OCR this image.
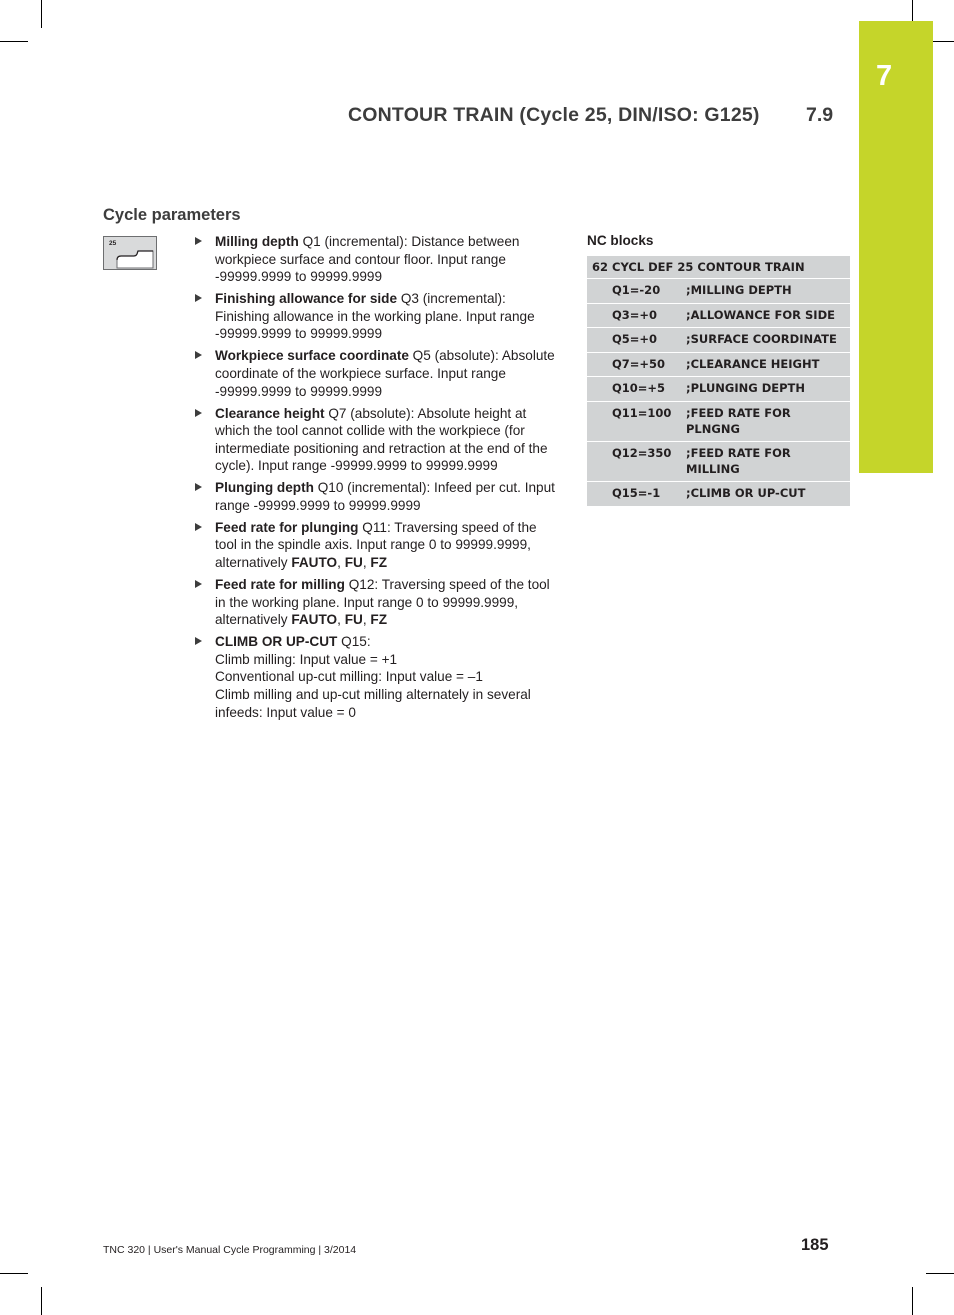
7
CONTOUR TRAIN (Cycle 25, DIN/ISO: G125) 7.9
Cycle parameters
25	Milling depth Q1 (incremental): Distance between workpiece surface and contour floor. Input range -99999.9999 to 99999.9999
Finishing allowance for side Q3 (incremental): Finishing allowance in the working plane. Input range -99999.9999 to 99999.9999
Workpiece surface coordinate Q5 (absolute): Absolute coordinate of the workpiece surface. Input range -99999.9999 to 99999.9999
Clearance height Q7 (absolute): Absolute height at which the tool cannot collide with the workpiece (for intermediate positioning and retraction at the end of the cycle). Input range -99999.9999 to 99999.9999
Plunging depth Q10 (incremental): Infeed per cut. Input range -99999.9999 to 99999.9999
Feed rate for plunging Q11: Traversing speed of the tool in the spindle axis. Input range 0 to 99999.9999, alternatively FAUTO, FU, FZ
Feed rate for milling Q12: Traversing speed of the tool in the working plane. Input range 0 to 99999.9999, alternatively FAUTO, FU, FZ
CLIMB OR UP-CUT Q15:
Climb milling: Input value = +1
Conventional up-cut milling: Input value = –1
Climb milling and up-cut milling alternately in several infeeds: Input value = 0
NC blocks
62 CYCL DEF 25 CONTOUR TRAIN	
Q1=-20	;MILLING DEPTH
Q3=+0	;ALLOWANCE FOR SIDE
Q5=+0	;SURFACE COORDINATE
Q7=+50	;CLEARANCE HEIGHT
Q10=+5	;PLUNGING DEPTH
Q11=100	;FEED RATE FOR PLNGNG
Q12=350	;FEED RATE FOR MILLING
Q15=-1	;CLIMB OR UP-CUT
TNC 320 | User's Manual Cycle Programming | 3/2014	185
